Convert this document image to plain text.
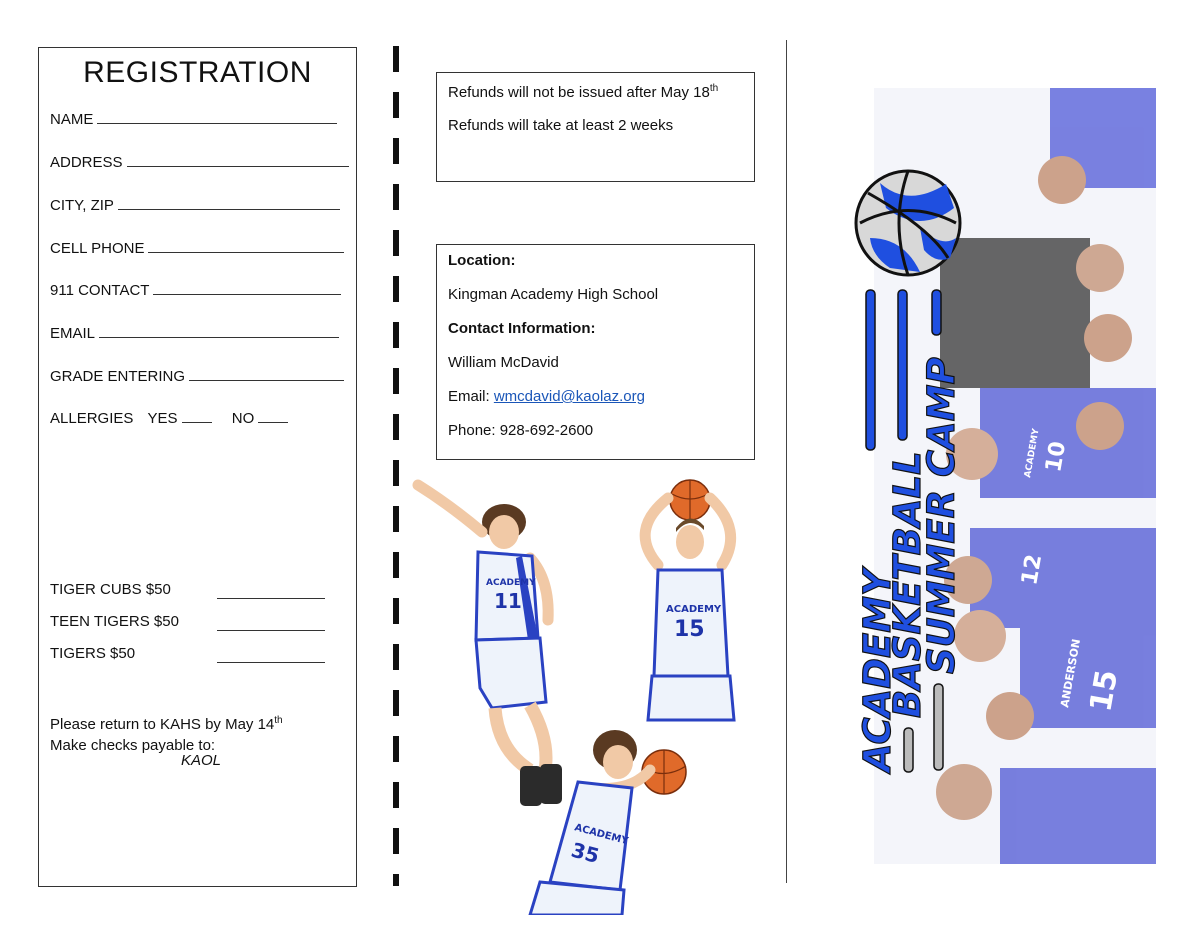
REGISTRATION
NAME
ADDRESS
CITY, ZIP
CELL PHONE
911 CONTACT
EMAIL
GRADE ENTERING
ALLERGIES YES	NO
TIGER CUBS $50
TEEN TIGERS $50
TIGERS $50
Please return to KAHS by May 14th
Make checks payable to:
KAOL

Refunds will not be issued after May 18th

Refunds will take at least 2 weeks

Location:

Kingman Academy High School

Contact Information:

William McDavid

Email: wmcdavid@kaolaz.org

Phone: 928-692-2600

ACADEMY
11	ACADEMY
15
ACADEMY
35
ACADEMY 10
12
ANDERSON 15
ACADEMY
BASKETBALL
SUMMER CAMP
